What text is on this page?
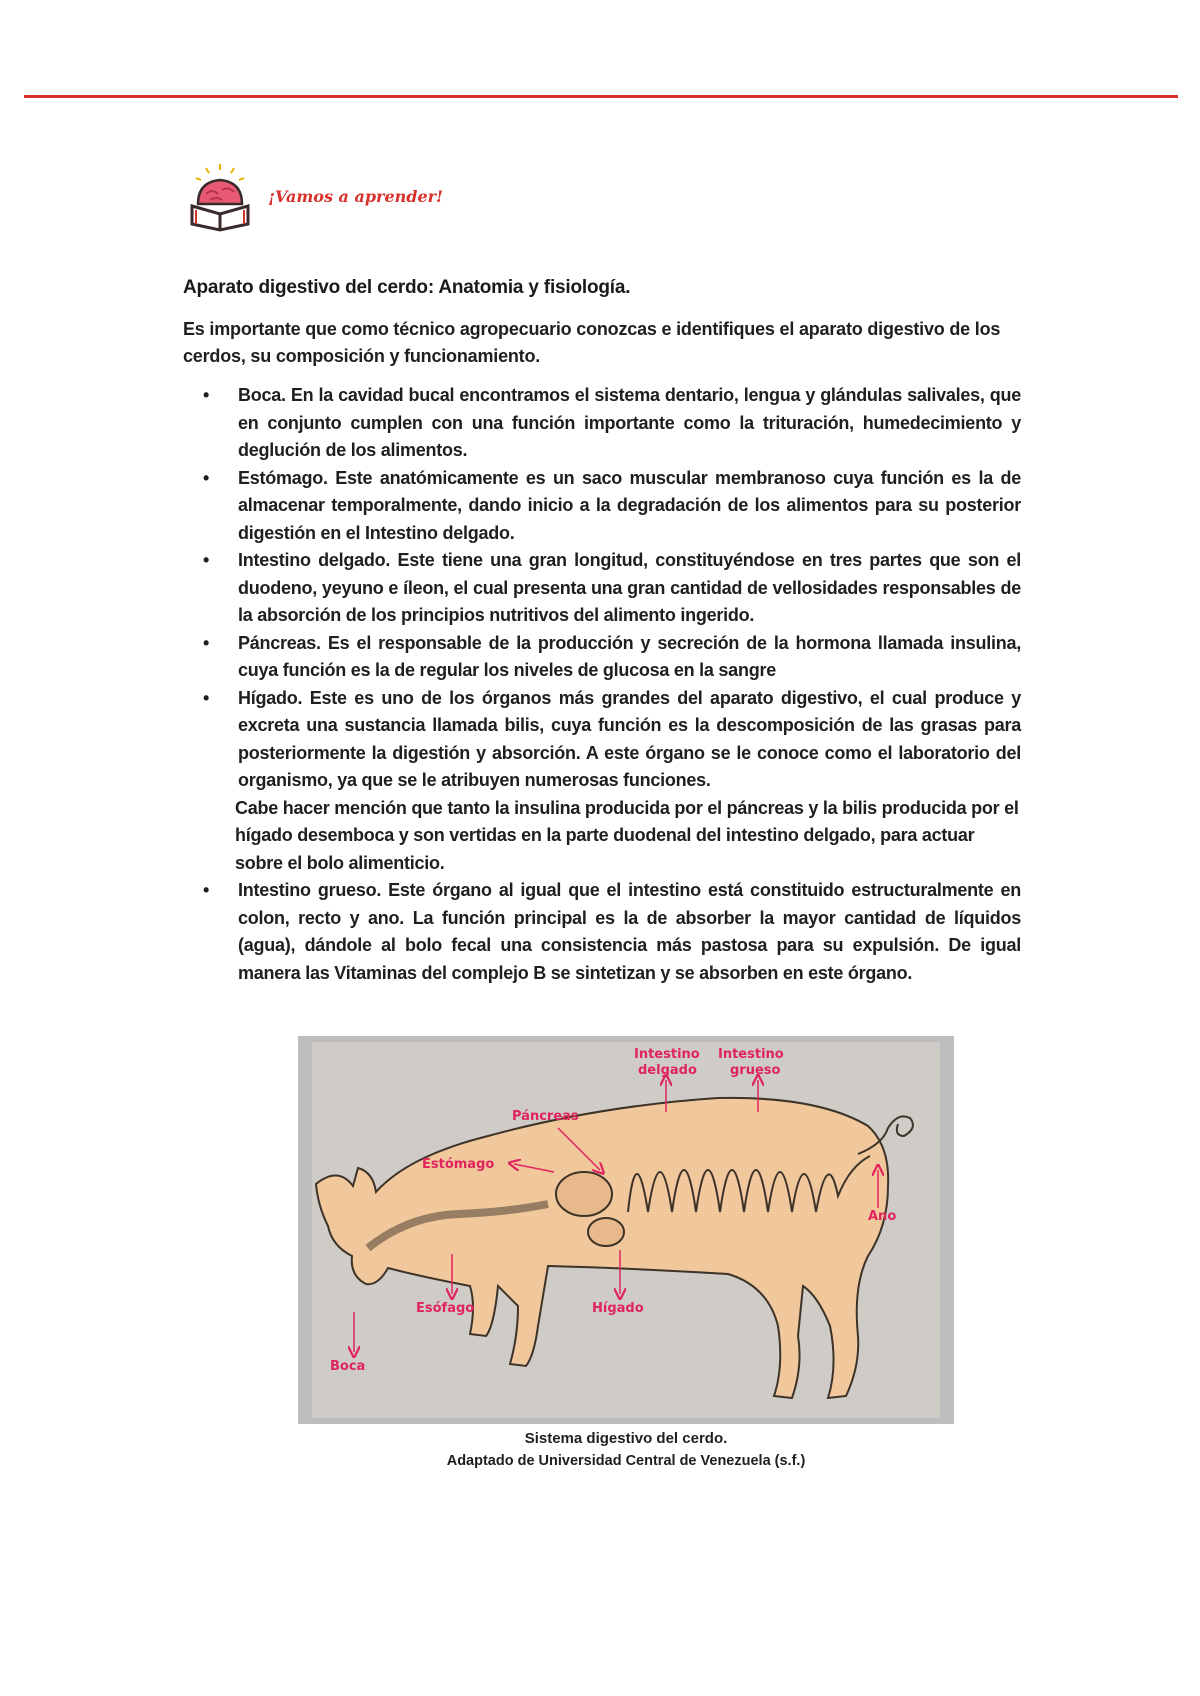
¡Vamos a aprender!
Aparato digestivo del cerdo: Anatomia y fisiología.
Es importante que como técnico agropecuario conozcas e identifiques el aparato digestivo de los cerdos, su composición y funcionamiento.
• Boca. En la cavidad bucal encontramos el sistema dentario, lengua y glándulas salivales, que en conjunto cumplen con una función importante como la trituración, humedecimiento y deglución de los alimentos.
• Estómago. Este anatómicamente es un saco muscular membranoso cuya función es la de almacenar temporalmente, dando inicio a la degradación de los alimentos para su posterior digestión en el Intestino delgado.
• Intestino delgado. Este tiene una gran longitud, constituyéndose en tres partes que son el duodeno, yeyuno e íleon, el cual presenta una gran cantidad de vellosidades responsables de la absorción de los principios nutritivos del alimento ingerido.
• Páncreas. Es el responsable de la producción y secreción de la hormona llamada insulina, cuya función es la de regular los niveles de glucosa en la sangre
• Hígado. Este es uno de los órganos más grandes del aparato digestivo, el cual produce y excreta una sustancia llamada bilis, cuya función es la descomposición de las grasas para posteriormente la digestión y absorción. A este órgano se le conoce como el laboratorio del organismo, ya que se le atribuyen numerosas funciones.
Cabe hacer mención que tanto la insulina producida por el páncreas y la bilis producida por el hígado desemboca y son vertidas en la parte duodenal del intestino delgado, para actuar sobre el bolo alimenticio.
• Intestino grueso. Este órgano al igual que el intestino está constituido estructuralmente en colon, recto y ano. La función principal es la de absorber la mayor cantidad de líquidos (agua), dándole al bolo fecal una consistencia más pastosa para su expulsión. De igual manera las Vitaminas del complejo B se sintetizan y se absorben en este órgano.
Intestino
delgado
Intestino
grueso
Páncreas
Estómago
Ano
Esófago	Hígado
Boca
Sistema digestivo del cerdo.
Adaptado de Universidad Central de Venezuela (s.f.)
